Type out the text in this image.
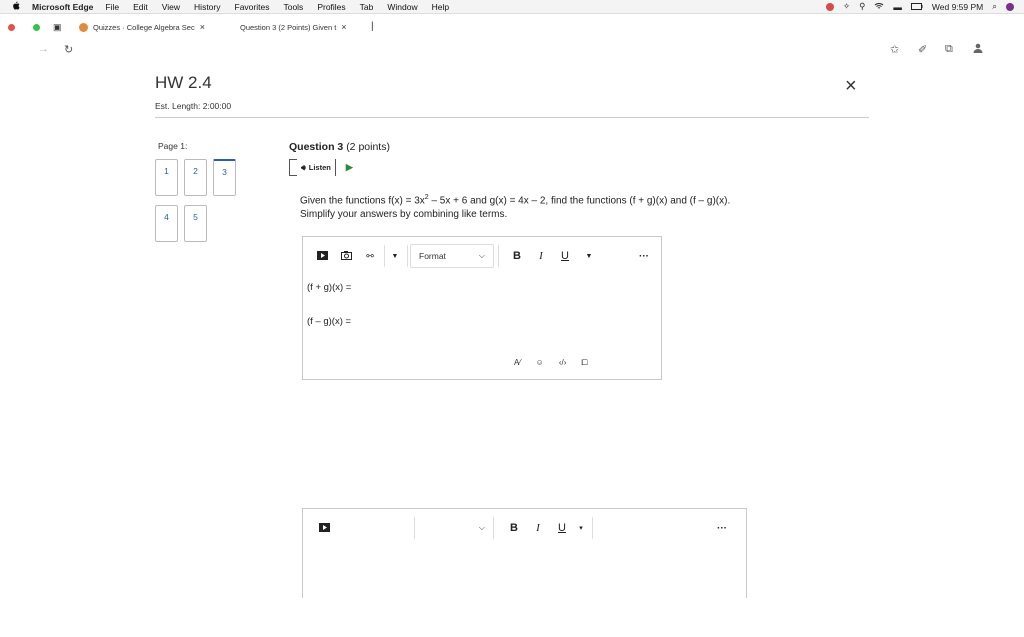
Microsoft Edge File Edit View History Favorites Tools Profiles Tab Window Help	✧ ⚲	▬	Wed 9:59 PM ⌕
▣	Quizzes · College Algebra Sec ×	Question 3 (2 Points) Given t × |
→ ↻	✩ ✐ ⧉
HW 2.4
Est. Length: 2:00:00
×
Page 1:
1	2	3
4	5
Question 3 (2 points)
🔊︎ Listen ▶
Given the functions $f(x) = 3x^2 - 5x + 6$ and g(x) = 4x – 2, find the functions (f + g)(x) and (f – g)(x). Simplify your answers by combining like terms.
⚯	▼	Format	⌵	B	I	U	▼	···
(f + g)(x) =
(f – g)(x) =
A⁄ ☺ ‹/› ⧠
⌵	B	I	U	▾	···
